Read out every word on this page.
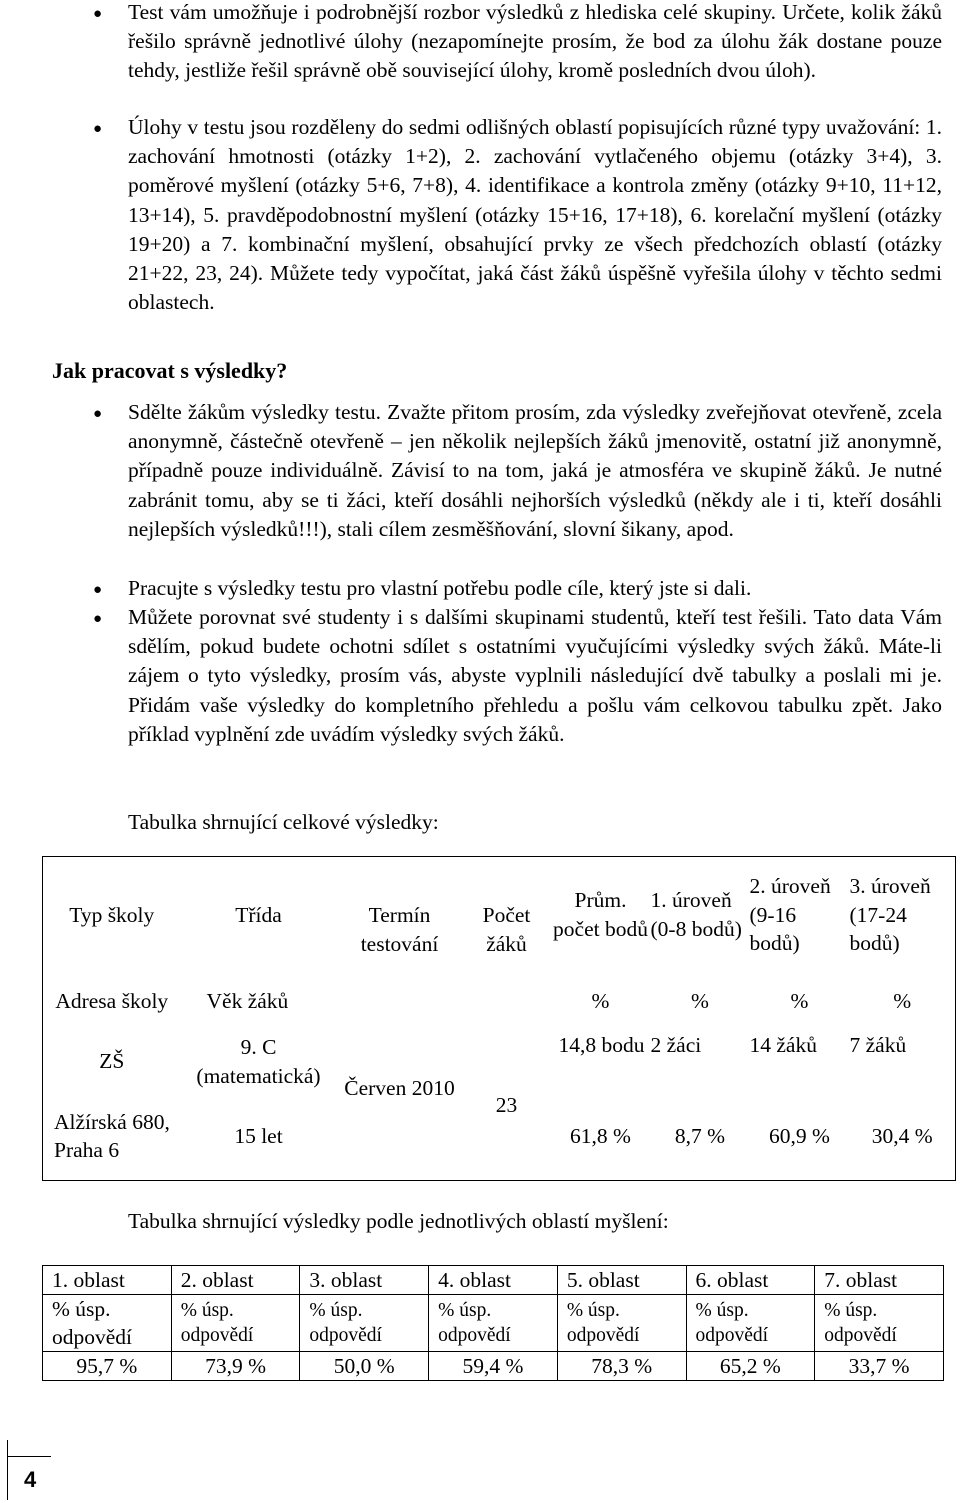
● Test vám umožňuje i podrobnější rozbor výsledků z hlediska celé skupiny. Určete, kolik žáků řešilo správně jednotlivé úlohy (nezapomínejte prosím, že bod za úlohu žák dostane pouze tehdy, jestliže řešil správně obě související úlohy, kromě posledních dvou úloh).
● Úlohy v testu jsou rozděleny do sedmi odlišných oblastí popisujících různé typy uvažování: 1. zachování hmotnosti (otázky 1+2), 2. zachování vytlačeného objemu (otázky 3+4), 3. poměrové myšlení (otázky 5+6, 7+8), 4. identifikace a kontrola změny (otázky 9+10, 11+12, 13+14), 5. pravděpodobnostní myšlení (otázky 15+16, 17+18), 6. korelační myšlení (otázky 19+20) a 7. kombinační myšlení, obsahující prvky ze všech předchozích oblastí (otázky 21+22, 23, 24). Můžete tedy vypočítat, jaká část žáků úspěšně vyřešila úlohy v těchto sedmi oblastech.
Jak pracovat s výsledky?
● Sdělte žákům výsledky testu. Zvažte přitom prosím, zda výsledky zveřejňovat otevřeně, zcela anonymně, částečně otevřeně – jen několik nejlepších žáků jmenovitě, ostatní již anonymně, případně pouze individuálně. Závisí to na tom, jaká je atmosféra ve skupině žáků. Je nutné zabránit tomu, aby se ti žáci, kteří dosáhli nejhorších výsledků (někdy ale i ti, kteří dosáhli nejlepších výsledků!!!), stali cílem zesměšňování, slovní šikany, apod.
● Pracujte s výsledky testu pro vlastní potřebu podle cíle, který jste si dali.
● Můžete porovnat své studenty i s dalšími skupinami studentů, kteří test řešili. Tato data Vám sdělím, pokud budete ochotni sdílet s ostatními vyučujícími výsledky svých žáků. Máte-li zájem o tyto výsledky, prosím vás, abyste vyplnili následující dvě tabulky a poslali mi je. Přidám vaše výsledky do kompletního přehledu a pošlu vám celkovou tabulku zpět. Jako příklad vyplnění zde uvádím výsledky svých žáků.
Tabulka shrnující celkové výsledky:
Typ školy	Třída	Termín testování	Počet žáků	Prům. počet bodů	1. úroveň (0-8 bodů)	2. úroveň (9-16 bodů)	3. úroveň (17-24 bodů)
Adresa školy	Věk žáků			%	%	%	%
ZŠ	9. C (matematická)	Červen 2010	23	14,8 bodu	2 žáci	14 žáků	7 žáků
Alžírská 680, Praha 6	15 let			61,8 %	8,7 %	60,9 %	30,4 %
Tabulka shrnující výsledky podle jednotlivých oblastí myšlení:
1. oblast	2. oblast	3. oblast	4. oblast	5. oblast	6. oblast	7. oblast
% úsp. odpovědí	% úsp. odpovědí	% úsp. odpovědí	% úsp. odpovědí	% úsp. odpovědí	% úsp. odpovědí	% úsp. odpovědí
95,7 %	73,9 %	50,0 %	59,4 %	78,3 %	65,2 %	33,7 %
4
